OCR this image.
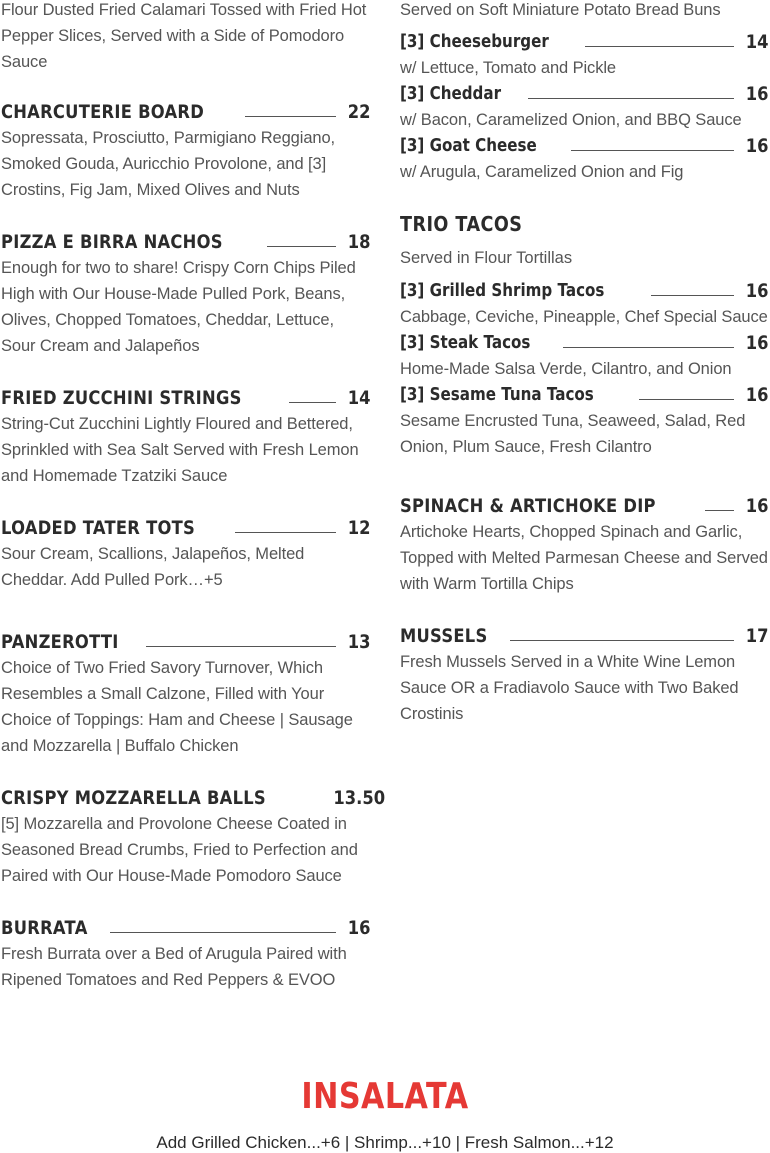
Flour Dusted Fried Calamari Tossed with Fried Hot Pepper Slices, Served with a Side of Pomodoro Sauce

CHARCUTERIE BOARD	22

Sopressata, Prosciutto, Parmigiano Reggiano, Smoked Gouda, Auricchio Provolone, and [3] Crostins, Fig Jam, Mixed Olives and Nuts

PIZZA E BIRRA NACHOS	18

Enough for two to share! Crispy Corn Chips Piled High with Our House-Made Pulled Pork, Beans, Olives, Chopped Tomatoes, Cheddar, Lettuce, Sour Cream and Jalapeños

FRIED ZUCCHINI STRINGS	14

String-Cut Zucchini Lightly Floured and Bettered, Sprinkled with Sea Salt Served with Fresh Lemon and Homemade Tzatziki Sauce

LOADED TATER TOTS	12

Sour Cream, Scallions, Jalapeños, Melted Cheddar. Add Pulled Pork…+5

PANZEROTTI	13

Choice of Two Fried Savory Turnover, Which Resembles a Small Calzone, Filled with Your Choice of Toppings: Ham and Cheese | Sausage and Mozzarella | Buffalo Chicken

CRISPY MOZZARELLA BALLS	13.50

[5] Mozzarella and Provolone Cheese Coated in Seasoned Bread Crumbs, Fried to Perfection and Paired with Our House-Made Pomodoro Sauce

BURRATA	16

Fresh Burrata over a Bed of Arugula Paired with Ripened Tomatoes and Red Peppers & EVOO

Served on Soft Miniature Potato Bread Buns

[3] Cheeseburger	14

w/ Lettuce, Tomato and Pickle

[3] Cheddar	16

w/ Bacon, Caramelized Onion, and BBQ Sauce

[3] Goat Cheese	16

w/ Arugula, Caramelized Onion and Fig

TRIO TACOS
Served in Flour Tortillas
[3] Grilled Shrimp Tacos	16

Cabbage, Ceviche, Pineapple, Chef Special Sauce

[3] Steak Tacos	16

Home-Made Salsa Verde, Cilantro, and Onion

[3] Sesame Tuna Tacos	16

Sesame Encrusted Tuna, Seaweed, Salad, Red Onion, Plum Sauce, Fresh Cilantro

SPINACH & ARTICHOKE DIP	16

Artichoke Hearts, Chopped Spinach and Garlic, Topped with Melted Parmesan Cheese and Served with Warm Tortilla Chips

MUSSELS	17

Fresh Mussels Served in a White Wine Lemon Sauce OR a Fradiavolo Sauce with Two Baked Crostinis

INSALATA
Add Grilled Chicken...+6 | Shrimp...+10 | Fresh Salmon...+12
